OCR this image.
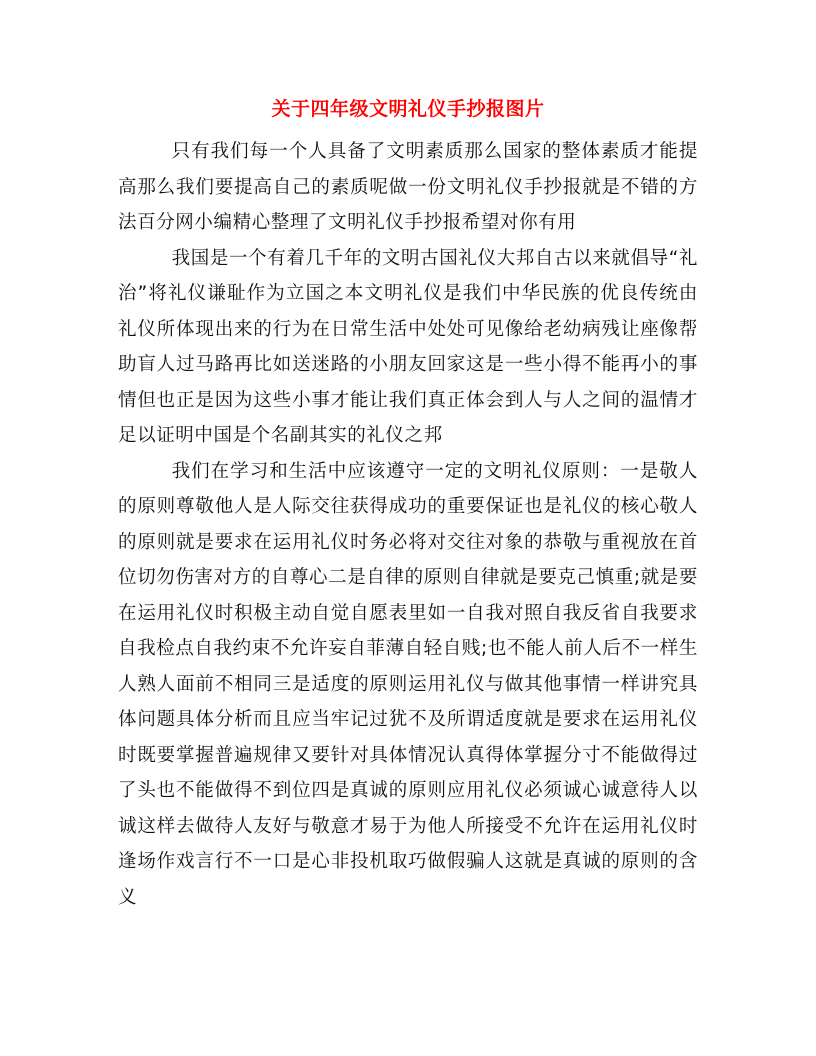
关于四年级文明礼仪手抄报图片

只有我们每一个人具备了文明素质那么国家的整体素质才能提高那么我们要提高自己的素质呢做一份文明礼仪手抄报就是不错的方法百分网小编精心整理了文明礼仪手抄报希望对你有用

我国是一个有着几千年的文明古国礼仪大邦自古以来就倡导“礼治”将礼仪谦耻作为立国之本文明礼仪是我们中华民族的优良传统由礼仪所体现出来的行为在日常生活中处处可见像给老幼病残让座像帮助盲人过马路再比如送迷路的小朋友回家这是一些小得不能再小的事情但也正是因为这些小事才能让我们真正体会到人与人之间的温情才足以证明中国是个名副其实的礼仪之邦

我们在学习和生活中应该遵守一定的文明礼仪原则：一是敬人的原则尊敬他人是人际交往获得成功的重要保证也是礼仪的核心敬人的原则就是要求在运用礼仪时务必将对交往对象的恭敬与重视放在首位切勿伤害对方的自尊心二是自律的原则自律就是要克己慎重;就是要在运用礼仪时积极主动自觉自愿表里如一自我对照自我反省自我要求自我检点自我约束不允许妄自菲薄自轻自贱;也不能人前人后不一样生人熟人面前不相同三是适度的原则运用礼仪与做其他事情一样讲究具体问题具体分析而且应当牢记过犹不及所谓适度就是要求在运用礼仪时既要掌握普遍规律又要针对具体情况认真得体掌握分寸不能做得过了头也不能做得不到位四是真诚的原则应用礼仪必须诚心诚意待人以诚这样去做待人友好与敬意才易于为他人所接受不允许在运用礼仪时逢场作戏言行不一口是心非投机取巧做假骗人这就是真诚的原则的含义
